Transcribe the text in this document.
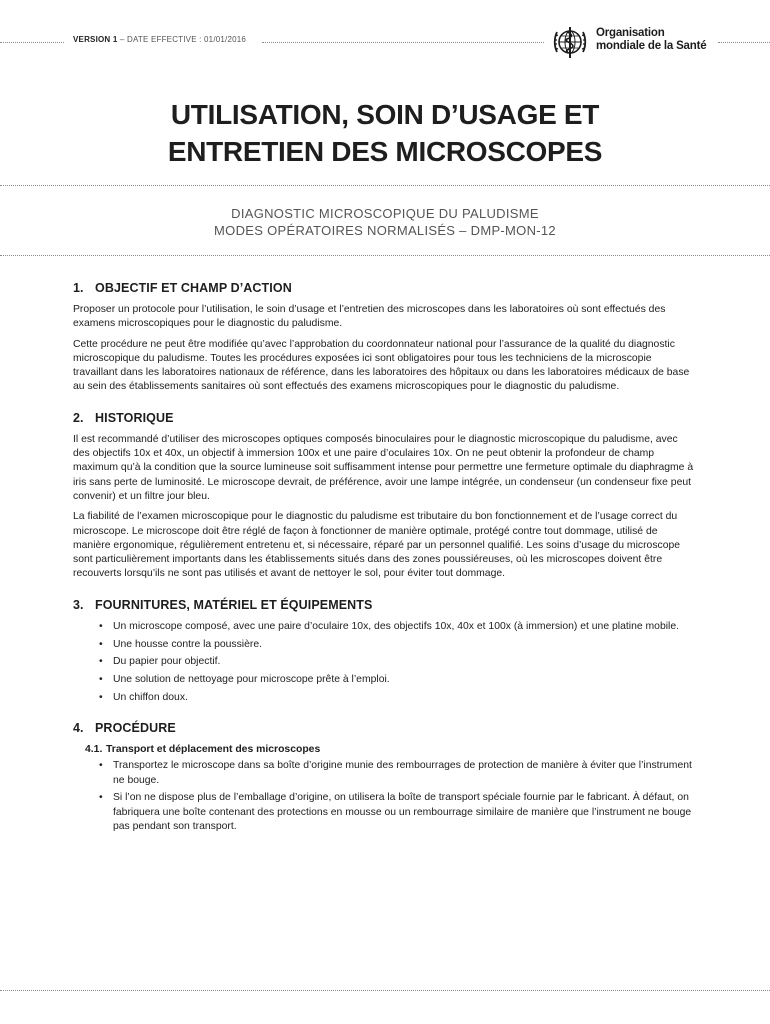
VERSION 1 – DATE EFFECTIVE : 01/01/2016
Organisation
mondiale de la Santé
UTILISATION, SOIN D’USAGE ET
ENTRETIEN DES MICROSCOPES
DIAGNOSTIC MICROSCOPIQUE DU PALUDISME
MODES OPÉRATOIRES NORMALISÉS – DMP-MON-12
1. OBJECTIF ET CHAMP D’ACTION

Proposer un protocole pour l’utilisation, le soin d’usage et l’entretien des microscopes dans les laboratoires où sont effectués des examens microscopiques pour le diagnostic du paludisme.

Cette procédure ne peut être modifiée qu’avec l’approbation du coordonnateur national pour l’assurance de la qualité du diagnostic microscopique du paludisme. Toutes les procédures exposées ici sont obligatoires pour tous les techniciens de la microscopie travaillant dans les laboratoires nationaux de référence, dans les laboratoires des hôpitaux ou dans les laboratoires médicaux de base au sein des établissements sanitaires où sont effectués des examens microscopiques pour le diagnostic du paludisme.

2. HISTORIQUE

Il est recommandé d’utiliser des microscopes optiques composés binoculaires pour le diagnostic microscopique du paludisme, avec des objectifs 10x et 40x, un objectif à immersion 100x et une paire d’oculaires 10x. On ne peut obtenir la profondeur de champ maximum qu’à la condition que la source lumineuse soit suffisamment intense pour permettre une fermeture optimale du diaphragme à iris sans perte de luminosité. Le microscope devrait, de préférence, avoir une lampe intégrée, un condenseur (un condenseur fixe peut convenir) et un filtre jour bleu.

La fiabilité de l’examen microscopique pour le diagnostic du paludisme est tributaire du bon fonctionnement et de l’usage correct du microscope. Le microscope doit être réglé de façon à fonctionner de manière optimale, protégé contre tout dommage, utilisé de manière ergonomique, régulièrement entretenu et, si nécessaire, réparé par un personnel qualifié. Les soins d’usage du microscope sont particulièrement importants dans les établissements situés dans des zones poussiéreuses, où les microscopes doivent être recouverts lorsqu’ils ne sont pas utilisés et avant de nettoyer le sol, pour éviter tout dommage.

3. FOURNITURES, MATÉRIEL ET ÉQUIPEMENTS
• Un microscope composé, avec une paire d’oculaire 10x, des objectifs 10x, 40x et 100x (à immersion) et une platine mobile.
• Une housse contre la poussière.
• Du papier pour objectif.
• Une solution de nettoyage pour microscope prête à l’emploi.
• Un chiffon doux.
4. PROCÉDURE
4.1. Transport et déplacement des microscopes
• Transportez le microscope dans sa boîte d’origine munie des rembourrages de protection de manière à éviter que l’instrument ne bouge.
• Si l’on ne dispose plus de l’emballage d’origine, on utilisera la boîte de transport spéciale fournie par le fabricant. À défaut, on fabriquera une boîte contenant des protections en mousse ou un rembourrage similaire de manière que l’instrument ne bouge pas pendant son transport.
